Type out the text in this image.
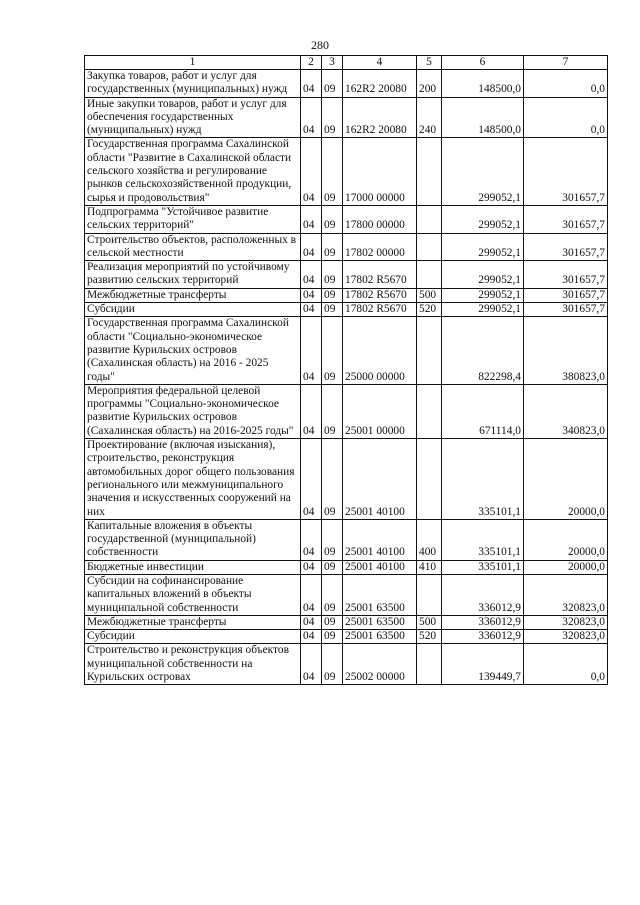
280
1	2	3	4	5	6	7
Закупка товаров, работ и услуг для государственных (муниципальных) нужд	04	09	162R2 20080	200	148500,0	0,0
Иные закупки товаров, работ и услуг для обеспечения государственных (муниципальных) нужд	04	09	162R2 20080	240	148500,0	0,0
Государственная программа Сахалинской области "Развитие в Сахалинской области сельского хозяйства и регулирование рынков сельскохозяйственной продукции, сырья и продовольствия"	04	09	17000 00000		299052,1	301657,7
Подпрограмма "Устойчивое развитие сельских территорий"	04	09	17800 00000		299052,1	301657,7
Строительство объектов, расположенных в сельской местности	04	09	17802 00000		299052,1	301657,7
Реализация мероприятий по устойчивому развитию сельских территорий	04	09	17802 R5670		299052,1	301657,7
Межбюджетные трансферты	04	09	17802 R5670	500	299052,1	301657,7
Субсидии	04	09	17802 R5670	520	299052,1	301657,7
Государственная программа Сахалинской области "Социально-экономическое развитие Курильских островов (Сахалинская область) на 2016 - 2025 годы"	04	09	25000 00000		822298,4	380823,0
Мероприятия федеральной целевой программы "Социально-экономическое развитие Курильских островов (Сахалинская область) на 2016-2025 годы"	04	09	25001 00000		671114,0	340823,0
Проектирование (включая изыскания), строительство, реконструкция автомобильных дорог общего пользования регионального или межмуниципального значения и искусственных сооружений на них	04	09	25001 40100		335101,1	20000,0
Капитальные вложения в объекты государственной (муниципальной) собственности	04	09	25001 40100	400	335101,1	20000,0
Бюджетные инвестиции	04	09	25001 40100	410	335101,1	20000,0
Субсидии на софинансирование капитальных вложений в объекты муниципальной собственности	04	09	25001 63500		336012,9	320823,0
Межбюджетные трансферты	04	09	25001 63500	500	336012,9	320823,0
Субсидии	04	09	25001 63500	520	336012,9	320823,0
Строительство и реконструкция объектов муниципальной собственности на Курильских островах	04	09	25002 00000		139449,7	0,0
